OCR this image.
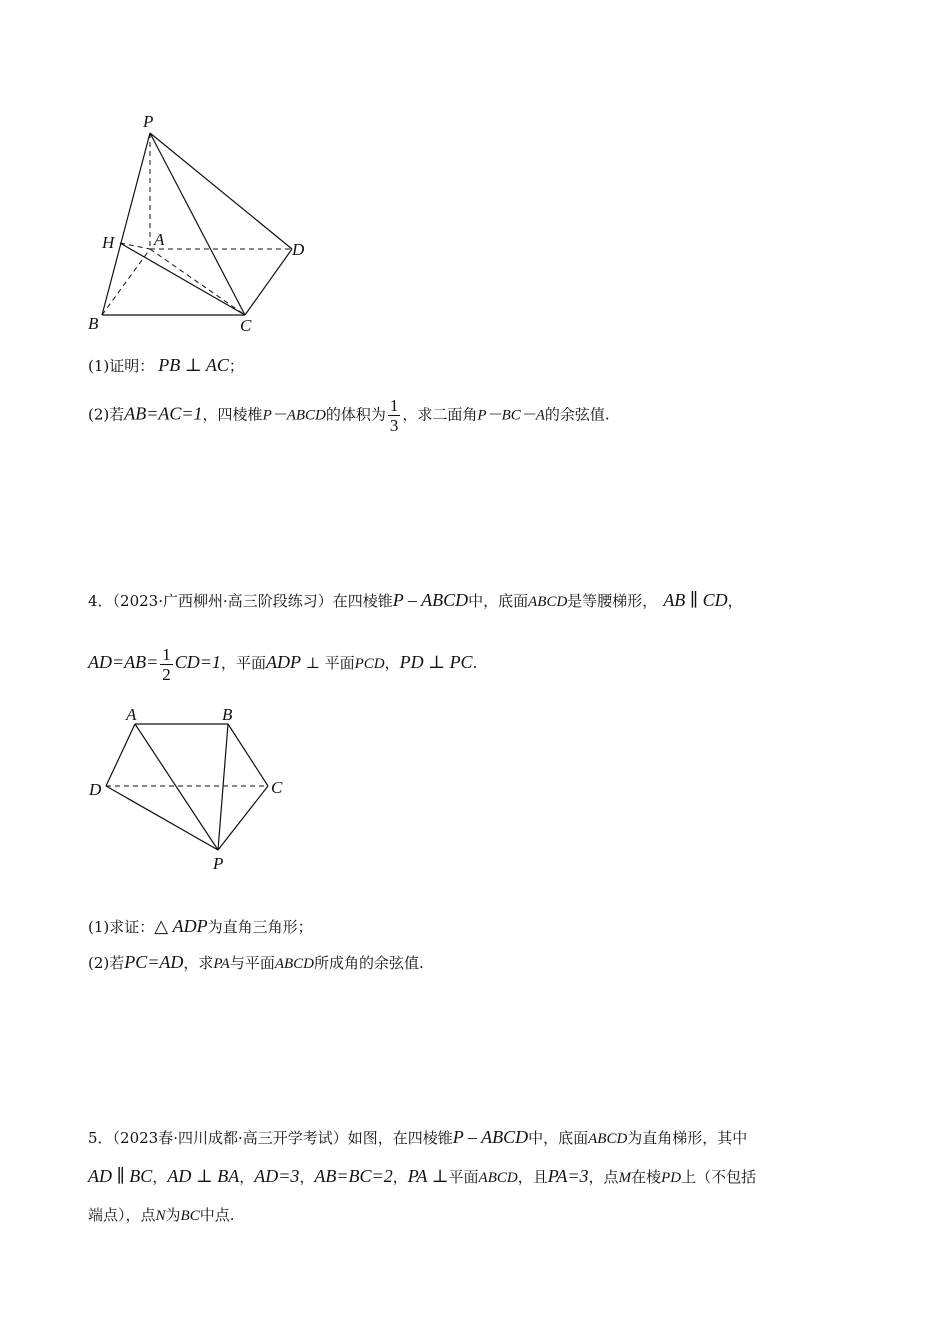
P
H A
D
B	C
(1)证明： PB ⊥ AC；
(2)若AB=AC=1，四棱椎P－ABCD的体积为 $\frac{1}{3}$ ，求二面角P－BC－A的余弦值.
4．（2023·广西柳州·高三阶段练习）在四棱锥P – ABCD中，底面ABCD是等腰梯形， AB ∥ CD，
$AD=AB= \frac{1}{2} CD=1$，平面ADP ⊥ 平面PCD，PD ⊥ PC.
A	B
C
D
P
(1)求证：△ ADP为直角三角形；
(2)若PC=AD，求PA与平面ABCD所成角的余弦值.
5．（2023春·四川成都·高三开学考试）如图，在四棱锥P – ABCD中，底面ABCD为直角梯形，其中
AD ∥ BC，AD ⊥ BA，AD=3，AB=BC=2，PA ⊥平面ABCD，且PA=3，点M在棱PD上（不包括
端点），点N为BC中点.
